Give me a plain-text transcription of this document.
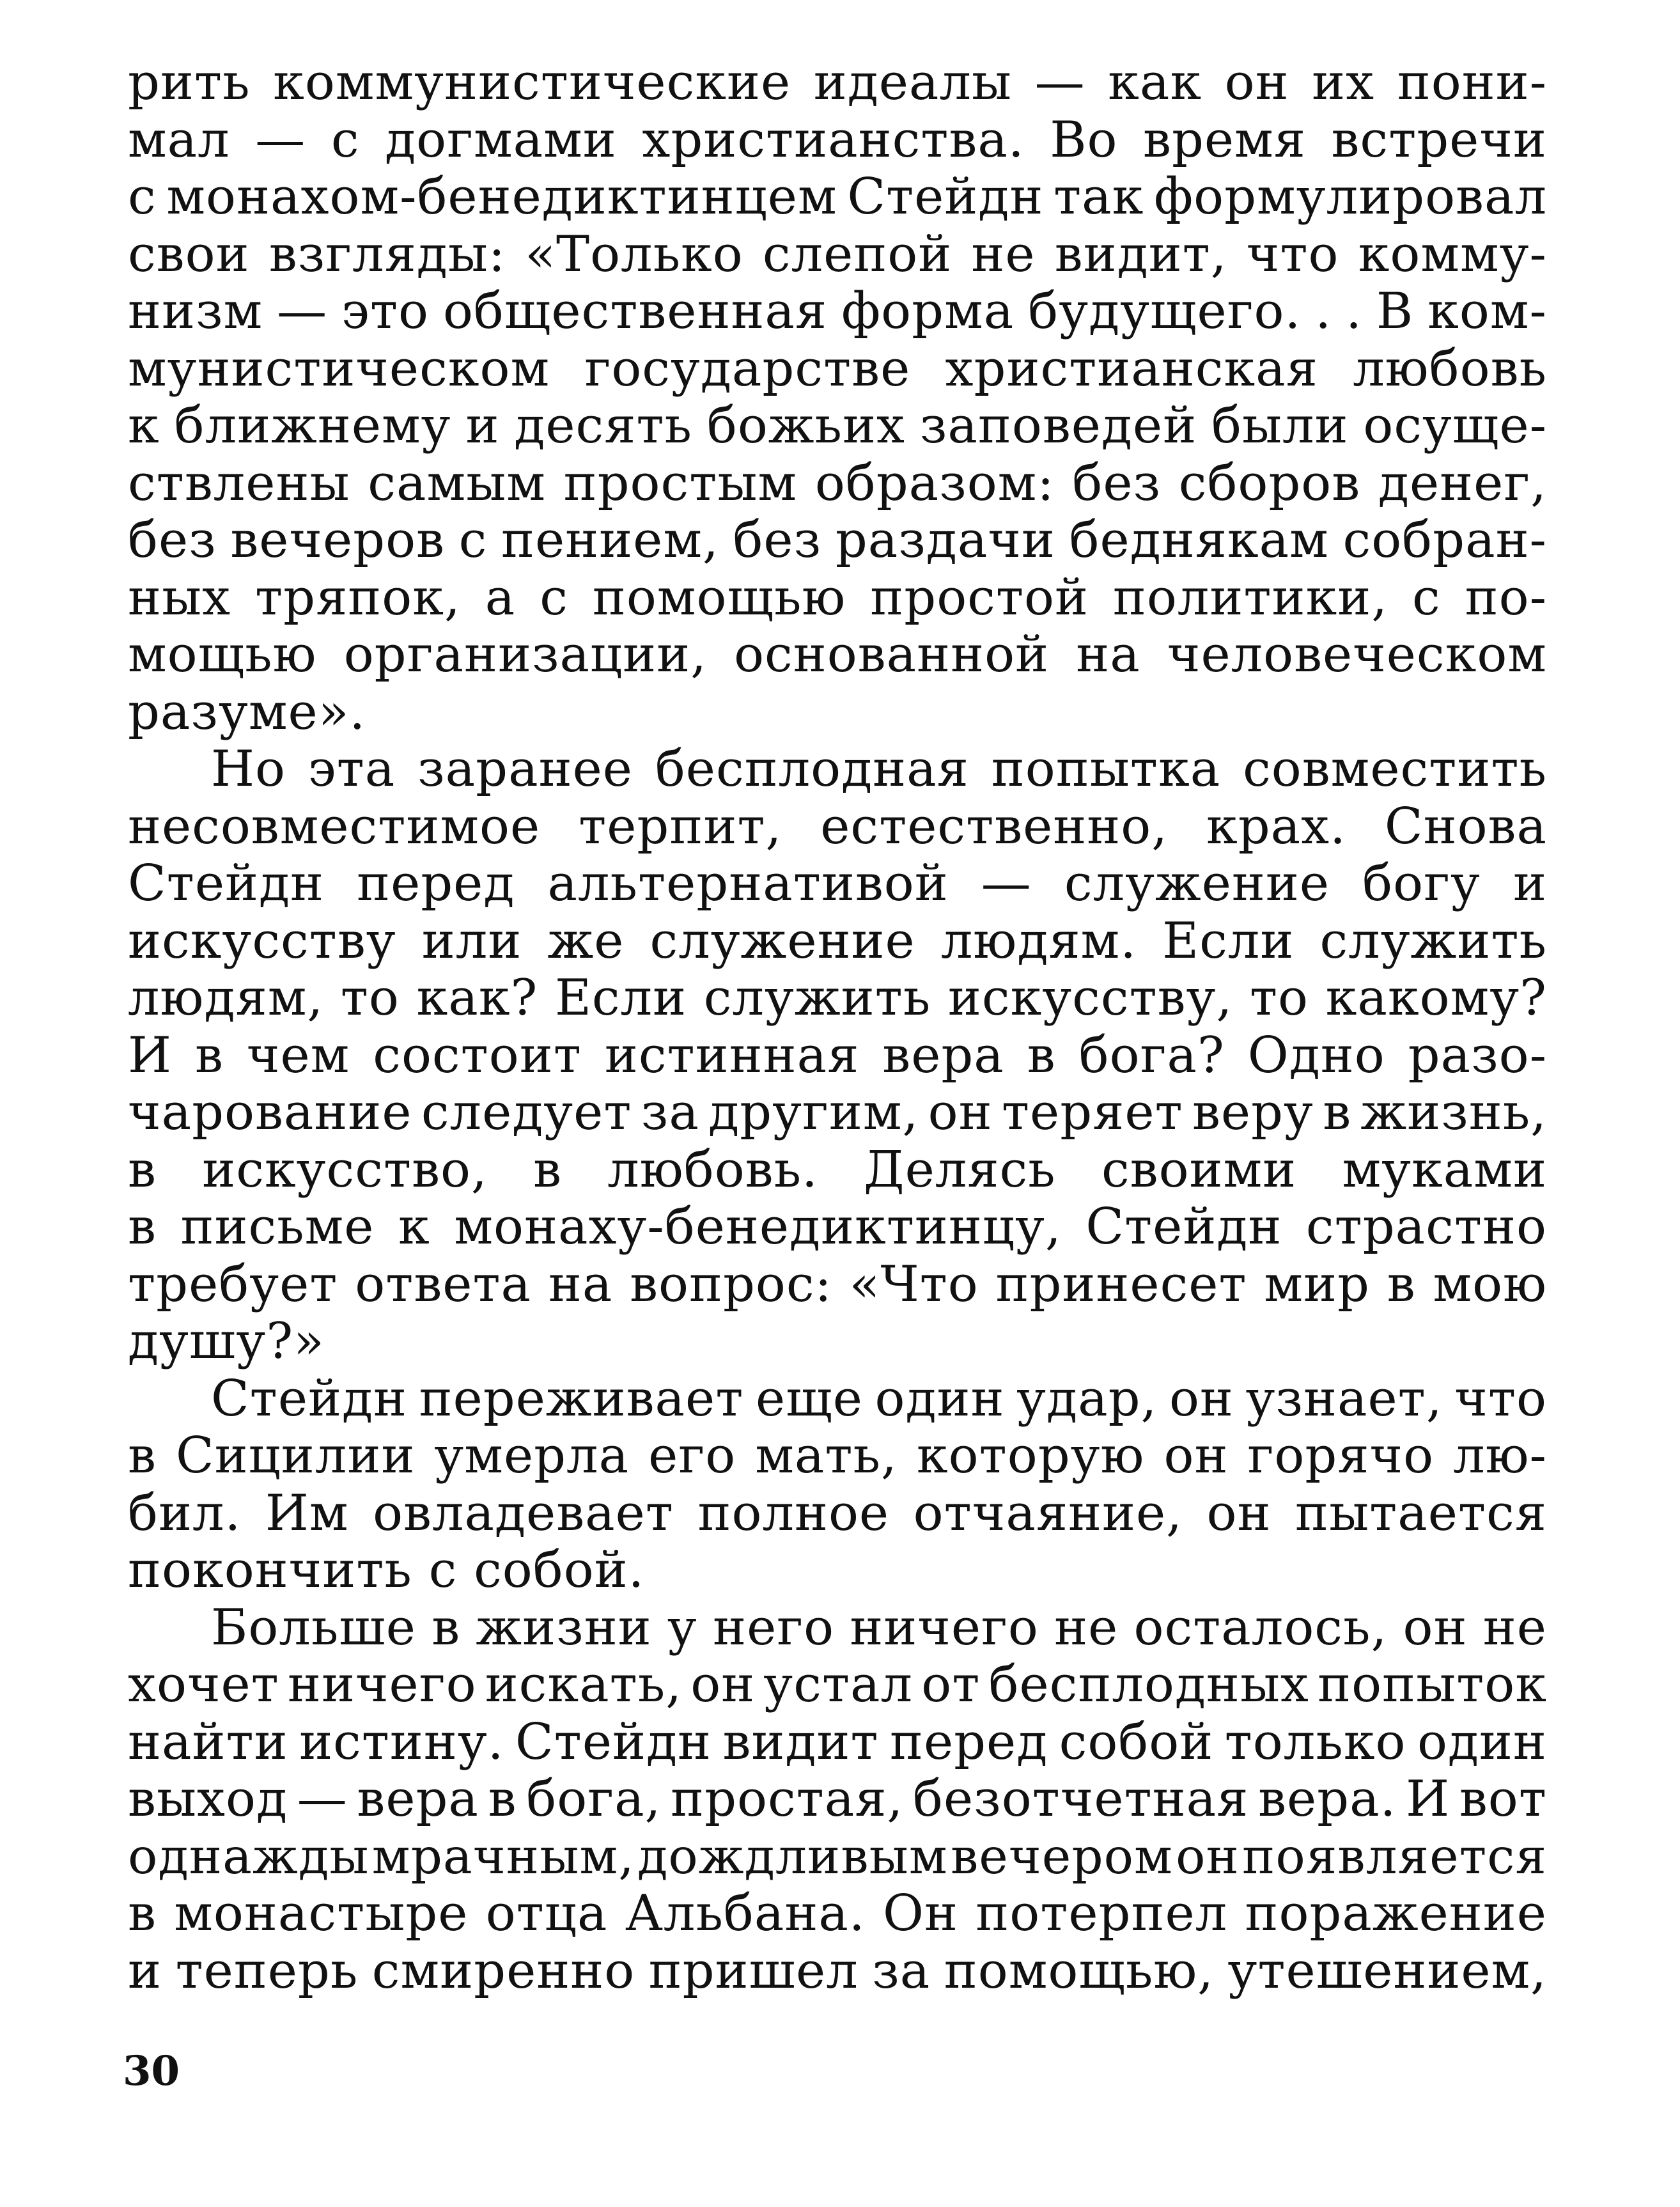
рить коммунистические идеалы — как он их пони-
мал — с догмами христианства. Во время встречи
с монахом-бенедиктинцем Стейдн так формулировал
свои взгляды: «Только слепой не видит, что комму-
низм — это общественная форма будущего. . . В ком-
мунистическом государстве христианская любовь
к ближнему и десять божьих заповедей были осуще-
ствлены самым простым образом: без сборов денег,
без вечеров с пением, без раздачи беднякам собран-
ных тряпок, а с помощью простой политики, с по-
мощью организации, основанной на человеческом
разуме».
Но эта заранее бесплодная попытка совместить
несовместимое терпит, естественно, крах. Снова
Стейдн перед альтернативой — служение богу и
искусству или же служение людям. Если служить
людям, то как? Если служить искусству, то какому?
И в чем состоит истинная вера в бога? Одно разо-
чарование следует за другим, он теряет веру в жизнь,
в искусство, в любовь. Делясь своими муками
в письме к монаху-бенедиктинцу, Стейдн страстно
требует ответа на вопрос: «Что принесет мир в мою
душу?»
Стейдн переживает еще один удар, он узнает, что
в Сицилии умерла его мать, которую он горячо лю-
бил. Им овладевает полное отчаяние, он пытается
покончить с собой.
Больше в жизни у него ничего не осталось, он не
хочет ничего искать, он устал от бесплодных попыток
найти истину. Стейдн видит перед собой только один
выход — вера в бога, простая, безотчетная вера. И вот
однажды мрачным, дождливым вечером он появляется
в монастыре отца Альбана. Он потерпел поражение
и теперь смиренно пришел за помощью, утешением,
30
